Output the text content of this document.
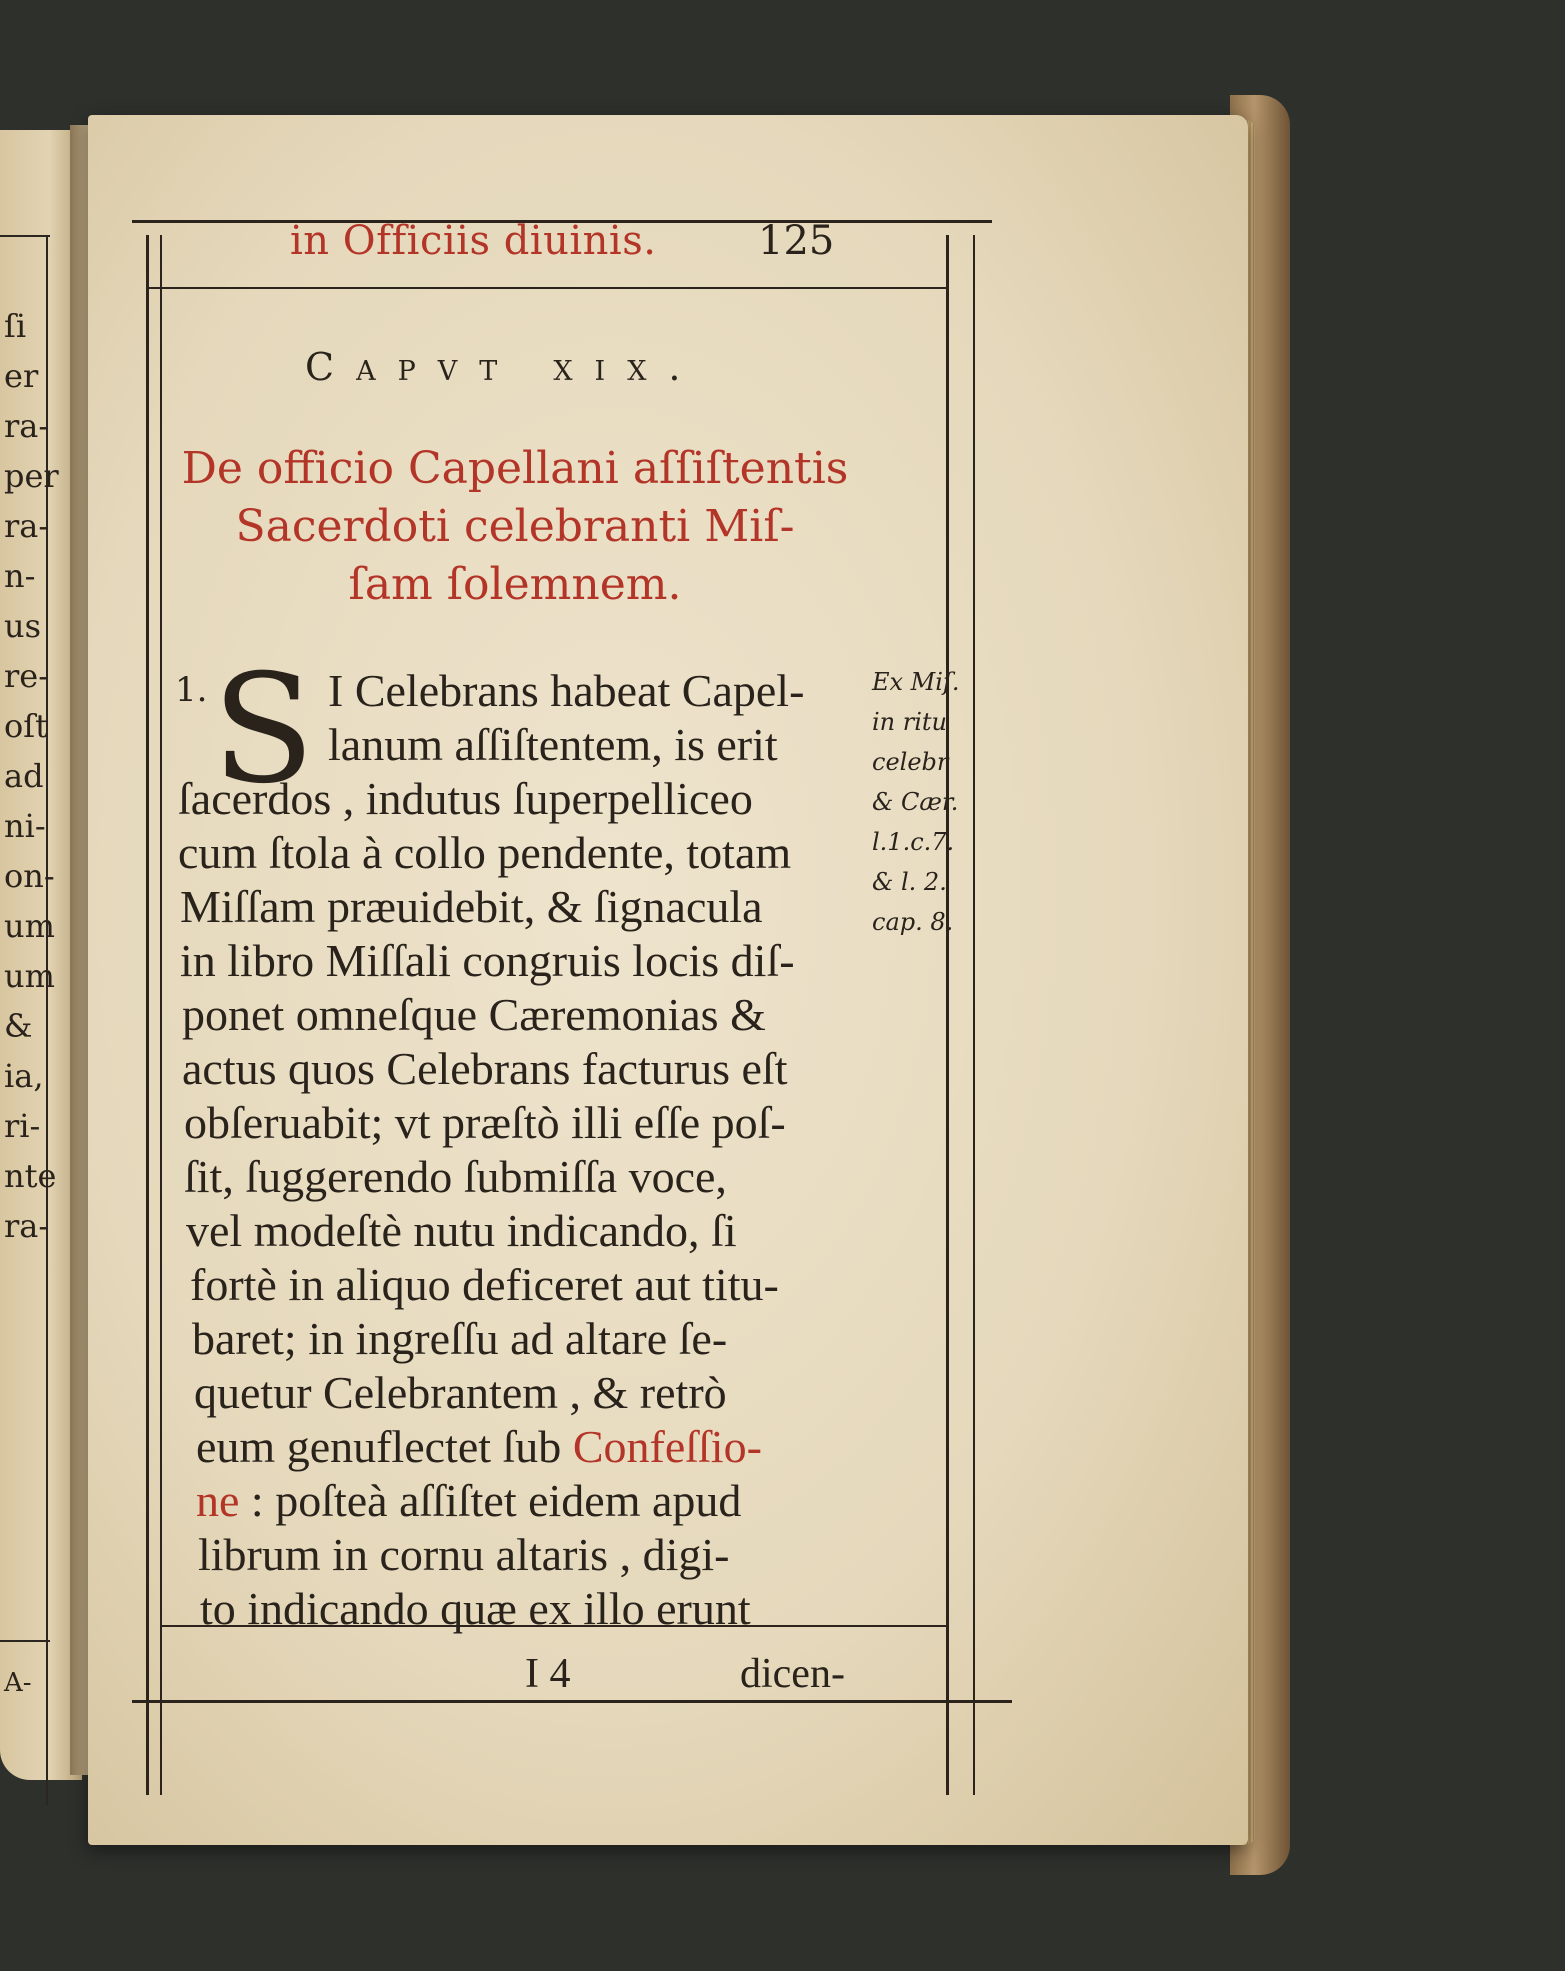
ſi
er
ra-
per
ra-
n-
us
re-
oſt
ad
ni-
on-
um
um
&
ia,
ri-
nte
ra-
A-
in Officiis diuinis.	125
Capvt xix.
De officio Capellani aſſiſtentis
Sacerdoti celebranti Miſ-
ſam ſolemnem.
1. S I Celebrans habeat Capel-
lanum aſſiſtentem, is erit
ſacerdos , indutus ſuperpelliceo
cum ſtola à collo pendente, totam
Miſſam præuidebit, & ſignacula
in libro Miſſali congruis locis diſ-
ponet omneſque Cæremonias &
actus quos Celebrans facturus eſt
obſeruabit; vt præſtò illi eſſe poſ-
ſit, ſuggerendo ſubmiſſa voce,
vel modeſtè nutu indicando, ſi
fortè in aliquo deficeret aut titu-
baret; in ingreſſu ad altare ſe-
quetur Celebrantem , & retrò
eum genuflectet ſub Confeſſio-
ne : poſteà aſſiſtet eidem apud
librum in cornu altaris , digi-
to indicando quæ ex illo erunt
Ex Miſ.
in ritu
celebr
& Cær.
l.1.c.7.
& l. 2.
cap. 8.
I 4	dicen-
